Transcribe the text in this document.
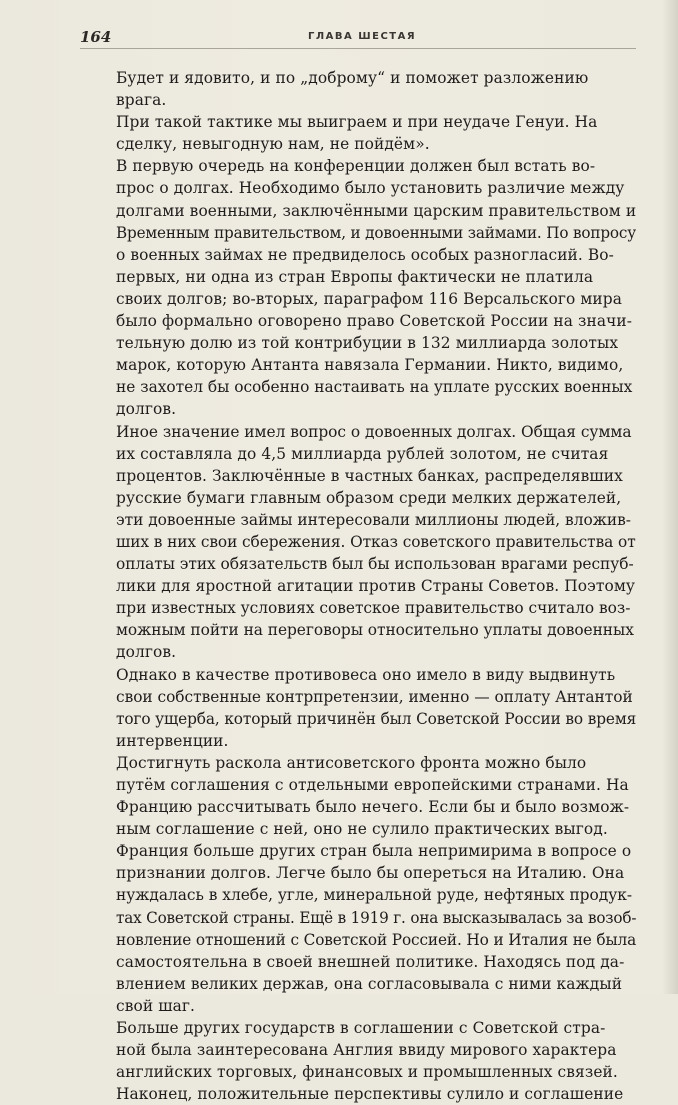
164	ГЛАВА ШЕСТАЯ

Будет и ядовито, и по „доброму“ и поможет разложению
врага.

При такой тактике мы выиграем и при неудаче Генуи. На
сделку, невыгодную нам, не пойдём».

В первую очередь на конференции должен был встать во-
прос о долгах. Необходимо было установить различие между
долгами военными, заключёнными царским правительством и
Временным правительством, и довоенными займами. По вопросу
о военных займах не предвиделось особых разногласий. Во-
первых, ни одна из стран Европы фактически не платила
своих долгов; во-вторых, параграфом 116 Версальского мира
было формально оговорено право Советской России на значи-
тельную долю из той контрибуции в 132 миллиарда золотых
марок, которую Антанта навязала Германии. Никто, видимо,
не захотел бы особенно настаивать на уплате русских военных
долгов.

Иное значение имел вопрос о довоенных долгах. Общая сумма
их составляла до 4,5 миллиарда рублей золотом, не считая
процентов. Заключённые в частных банках, распределявших
русские бумаги главным образом среди мелких держателей,
эти довоенные займы интересовали миллионы людей, вложив-
ших в них свои сбережения. Отказ советского правительства от
оплаты этих обязательств был бы использован врагами респуб-
лики для яростной агитации против Страны Советов. Поэтому
при известных условиях советское правительство считало воз-
можным пойти на переговоры относительно уплаты довоенных
долгов.

Однако в качестве противовеса оно имело в виду выдвинуть
свои собственные контрпретензии, именно — оплату Антантой
того ущерба, который причинён был Советской России во время
интервенции.

Достигнуть раскола антисоветского фронта можно было
путём соглашения с отдельными европейскими странами. На
Францию рассчитывать было нечего. Если бы и было возмож-
ным соглашение с ней, оно не сулило практических выгод.
Франция больше других стран была непримирима в вопросе о
признании долгов. Легче было бы опереться на Италию. Она
нуждалась в хлебе, угле, минеральной руде, нефтяных продук-
тах Советской страны. Ещё в 1919 г. она высказывалась за возоб-
новление отношений с Советской Россией. Но и Италия не была
самостоятельна в своей внешней политике. Находясь под да-
влением великих держав, она согласовывала с ними каждый
свой шаг.

Больше других государств в соглашении с Советской стра-
ной была заинтересована Англия ввиду мирового характера
английских торговых, финансовых и промышленных связей.
Наконец, положительные перспективы сулило и соглашение
